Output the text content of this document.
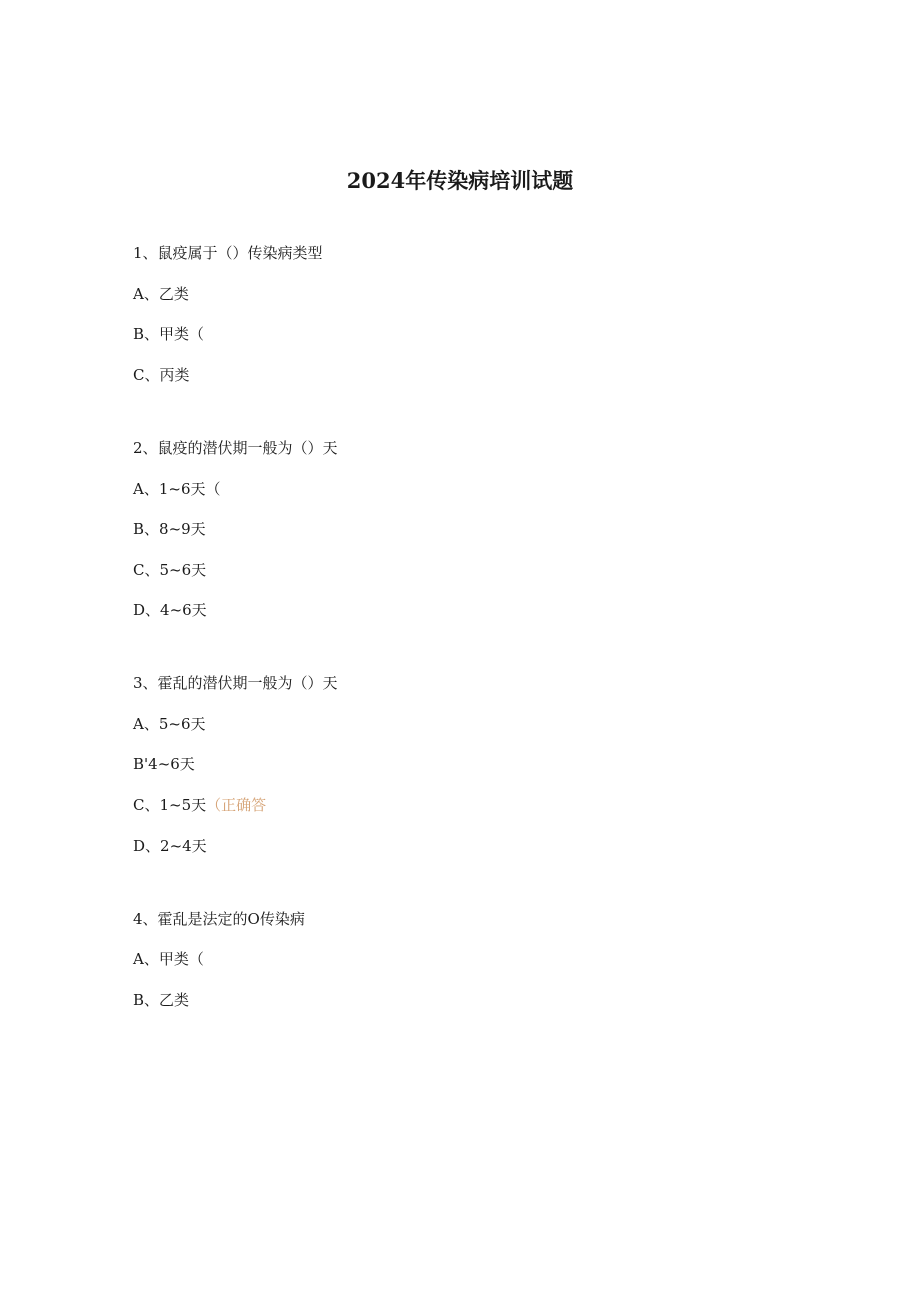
2024年传染病培训试题
1、鼠疫属于（）传染病类型
A、乙类
B、甲类（
C、丙类
2、鼠疫的潜伏期一般为（）天
A、1~6天（
B、8~9天
C、5~6天
D、4~6天
3、霍乱的潜伏期一般为（）天
A、5~6天
B'4~6天
C、1~5天（正确答
D、2~4天
4、霍乱是法定的O传染病
A、甲类（
B、乙类
